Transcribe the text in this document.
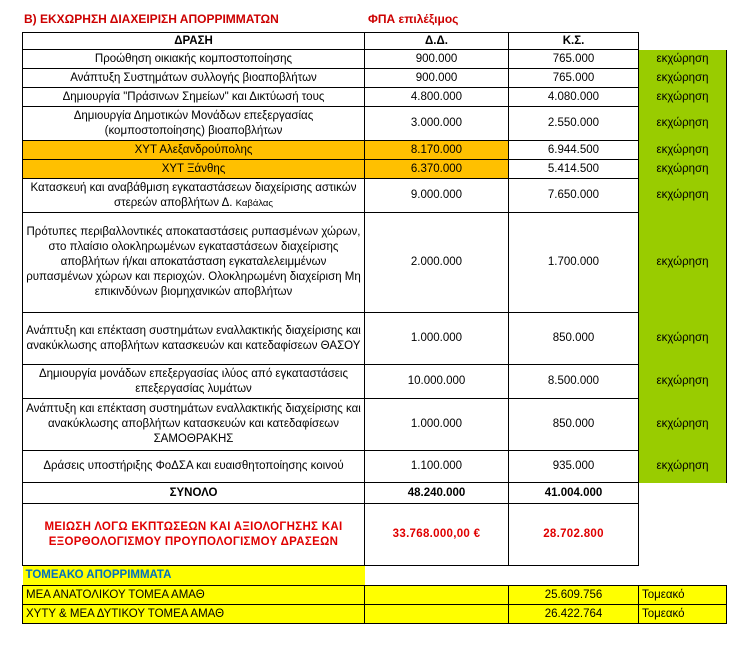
Β) ΕΚΧΩΡΗΣΗ ΔΙΑΧΕΙΡΙΣΗ ΑΠΟΡΡΙΜΜΑΤΩΝ	ΦΠΑ επιλέξιμος
ΔΡΑΣΗ	Δ.Δ.	Κ.Σ.	
Προώθηση οικιακής κομποστοποίησης	900.000	765.000	εκχώρηση
Ανάπτυξη Συστημάτων συλλογής βιοαποβλήτων	900.000	765.000	εκχώρηση
Δημιουργία "Πράσινων Σημείων" και Δικτύωσή τους	4.800.000	4.080.000	εκχώρηση
Δημιουργία Δημοτικών Μονάδων επεξεργασίας (κομποστοποίησης) βιοαποβλήτων	3.000.000	2.550.000	εκχώρηση
ΧΥΤ Αλεξανδρούπολης	8.170.000	6.944.500	εκχώρηση
ΧΥΤ Ξάνθης	6.370.000	5.414.500	εκχώρηση
Κατασκευή και αναβάθμιση εγκαταστάσεων διαχείρισης αστικών στερεών αποβλήτων Δ. Καβάλας	9.000.000	7.650.000	εκχώρηση
Πρότυπες περιβαλλοντικές αποκαταστάσεις ρυπασμένων χώρων, στο πλαίσιο ολοκληρωμένων εγκαταστάσεων διαχείρισης αποβλήτων ή/και αποκατάσταση εγκαταλελειμμένων ρυπασμένων χώρων και περιοχών. Ολοκληρωμένη διαχείριση Μη επικινδύνων βιομηχανικών αποβλήτων	2.000.000	1.700.000	εκχώρηση
Ανάπτυξη και επέκταση συστημάτων εναλλακτικής διαχείρισης και ανακύκλωσης αποβλήτων κατασκευών και κατεδαφίσεων ΘΑΣΟΥ	1.000.000	850.000	εκχώρηση
Δημιουργία μονάδων επεξεργασίας ιλύος από εγκαταστάσεις επεξεργασίας λυμάτων	10.000.000	8.500.000	εκχώρηση
Ανάπτυξη και επέκταση συστημάτων εναλλακτικής διαχείρισης και ανακύκλωσης αποβλήτων κατασκευών και κατεδαφίσεων ΣΑΜΟΘΡΑΚΗΣ	1.000.000	850.000	εκχώρηση
Δράσεις υποστήριξης ΦοΔΣΑ και ευαισθητοποίησης κοινού	1.100.000	935.000	εκχώρηση
ΣΥΝΟΛΟ	48.240.000	41.004.000	
ΜΕΙΩΣΗ ΛΟΓΩ ΕΚΠΤΩΣΕΩΝ ΚΑΙ ΑΞΙΟΛΟΓΗΣΗΣ ΚΑΙ ΕΞΟΡΘΟΛΟΓΙΣΜΟΥ ΠΡΟΥΠΟΛΟΓΙΣΜΟΥ ΔΡΑΣΕΩΝ	33.768.000,00 €	28.702.800	
ΤΟΜΕΑΚΟ ΑΠΟΡΡΙΜΜΑΤΑ			
ΜΕΑ ΑΝΑΤΟΛΙΚΟΥ ΤΟΜΕΑ ΑΜΑΘ		25.609.756	Τομεακό
ΧΥΤΥ & ΜΕΑ ΔΥΤΙΚΟΥ ΤΟΜΕΑ ΑΜΑΘ		26.422.764	Τομεακό
